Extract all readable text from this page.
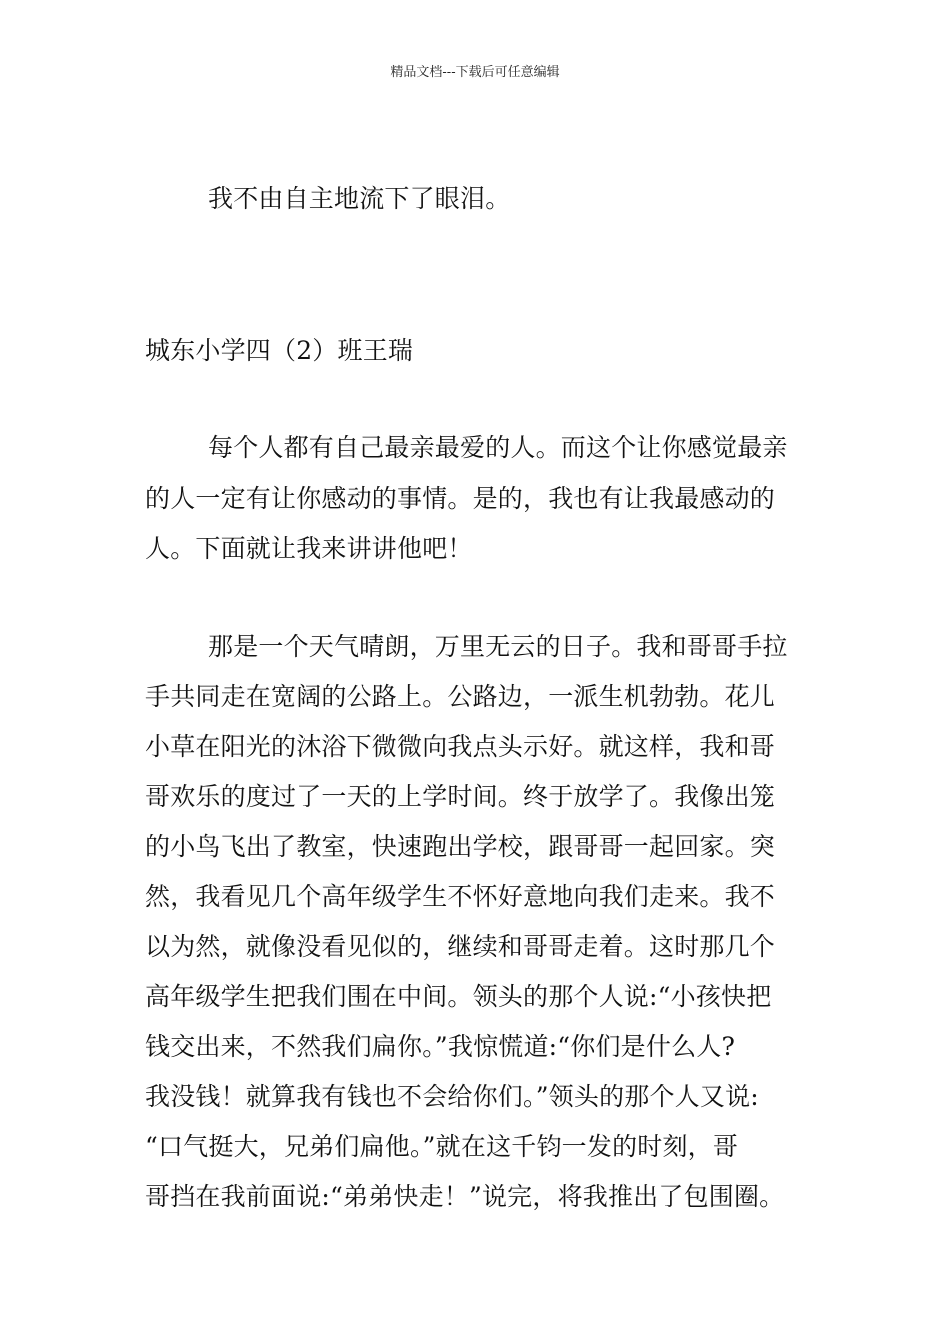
精品文档---下载后可任意编辑
我不由自主地流下了眼泪。
城东小学四（2）班王瑞
每个人都有自己最亲最爱的人。而这个让你感觉最亲
的人一定有让你感动的事情。是的，我也有让我最感动的
人。下面就让我来讲讲他吧！
那是一个天气晴朗，万里无云的日子。我和哥哥手拉
手共同走在宽阔的公路上。公路边，一派生机勃勃。花儿
小草在阳光的沐浴下微微向我点头示好。就这样，我和哥
哥欢乐的度过了一天的上学时间。终于放学了。我像出笼
的小鸟飞出了教室，快速跑出学校，跟哥哥一起回家。突
然，我看见几个高年级学生不怀好意地向我们走来。我不
以为然，就像没看见似的，继续和哥哥走着。这时那几个
高年级学生把我们围在中间。领头的那个人说:“小孩快把
钱交出来，不然我们扁你。”我惊慌道:“你们是什么人?
我没钱！就算我有钱也不会给你们。”领头的那个人又说:
“口气挺大，兄弟们扁他。”就在这千钧一发的时刻，哥
哥挡在我前面说:“弟弟快走！”说完，将我推出了包围圈。
